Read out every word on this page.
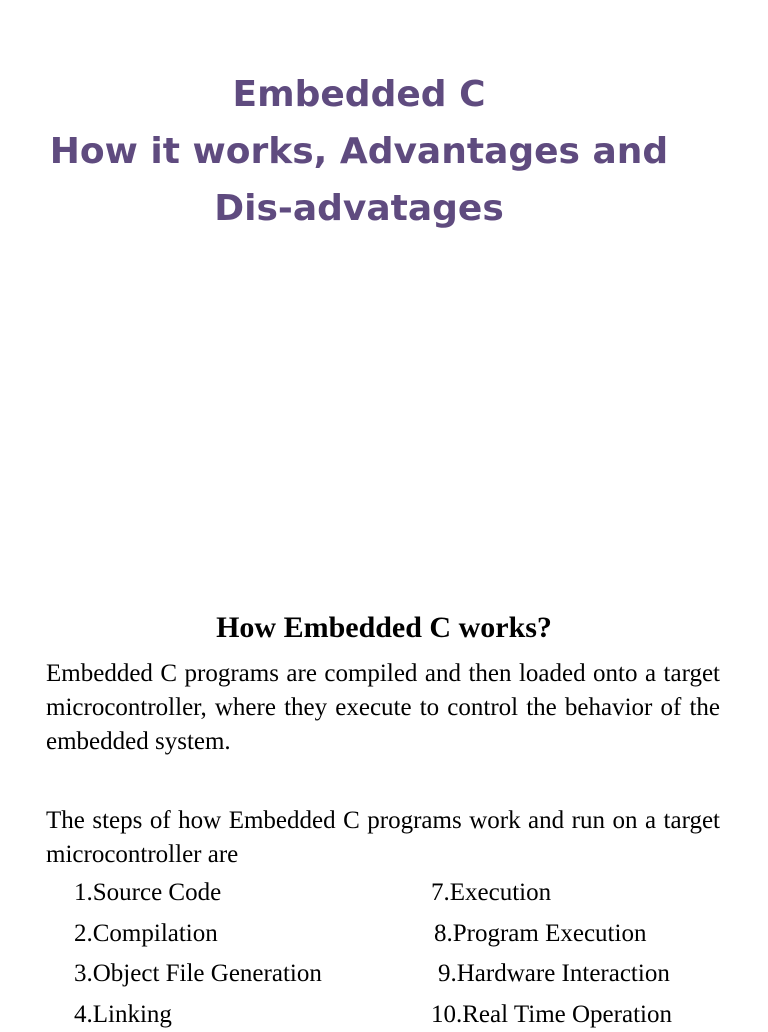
Embedded C
How it works, Advantages and
Dis-advatages
How Embedded C works?

Embedded C programs are compiled and then loaded onto a target microcontroller, where they execute to control the behavior of the embedded system.

The steps of how Embedded C programs work and run on a target microcontroller are

1.Source Code
2.Compilation
3.Object File Generation
4.Linking
7.Execution
8.Program Execution
9.Hardware Interaction
10.Real Time Operation
